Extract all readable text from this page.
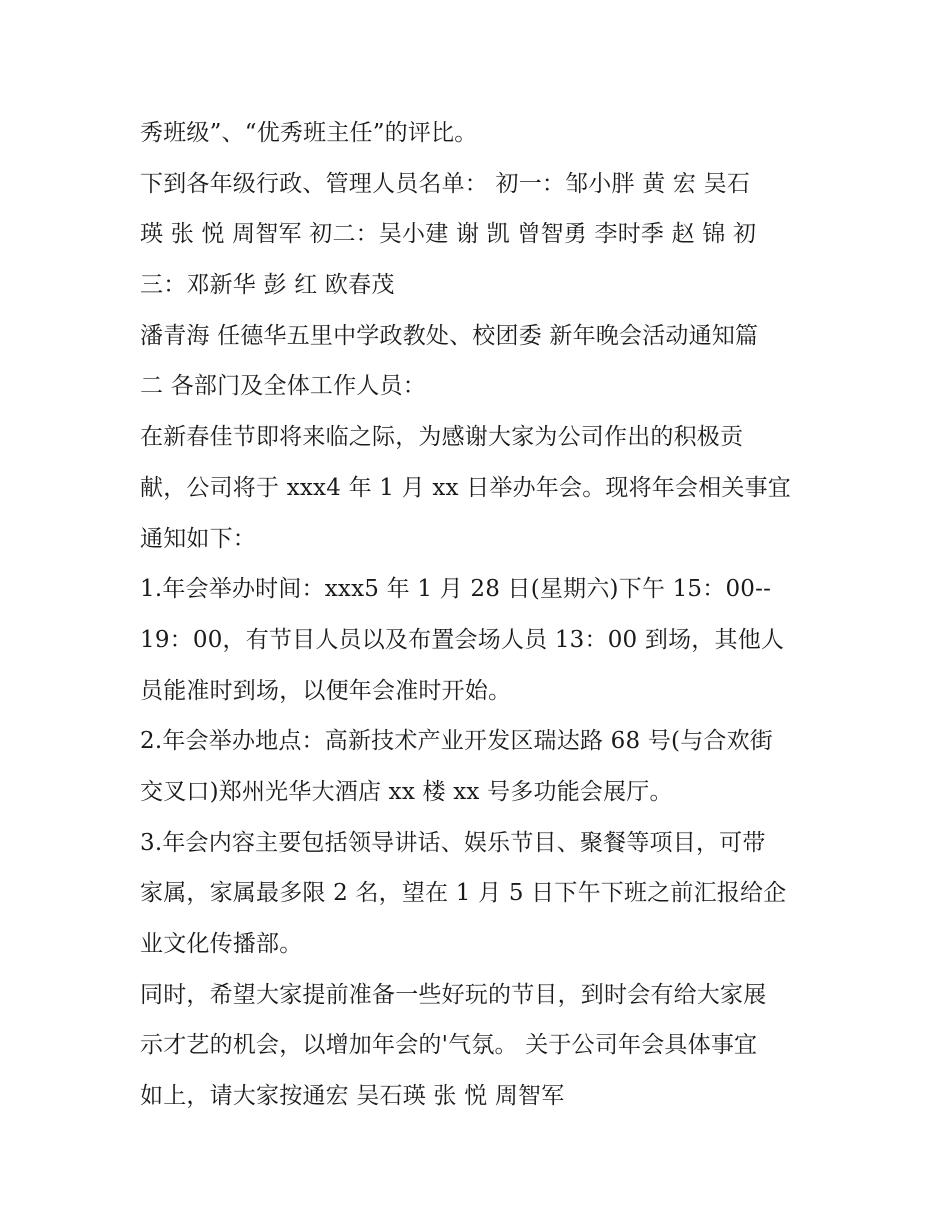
秀班级”、“优秀班主任”的评比。
下到各年级行政、管理人员名单： 初一：邹小胖 黄 宏 吴石
瑛 张 悦 周智军 初二：吴小建 谢 凯 曾智勇 李时季 赵 锦 初
三：邓新华 彭 红 欧春茂
潘青海 任德华五里中学政教处、校团委 新年晚会活动通知篇
二 各部门及全体工作人员：
在新春佳节即将来临之际，为感谢大家为公司作出的积极贡
献，公司将于 xxx4 年 1 月 xx 日举办年会。现将年会相关事宜
通知如下：
1.年会举办时间：xxx5 年 1 月 28 日(星期六)下午 15：00--
19：00，有节目人员以及布置会场人员 13：00 到场，其他人
员能准时到场，以便年会准时开始。
2.年会举办地点：高新技术产业开发区瑞达路 68 号(与合欢街
交叉口)郑州光华大酒店 xx 楼 xx 号多功能会展厅。
3.年会内容主要包括领导讲话、娱乐节目、聚餐等项目，可带
家属，家属最多限 2 名，望在 1 月 5 日下午下班之前汇报给企
业文化传播部。
同时，希望大家提前准备一些好玩的节目，到时会有给大家展
示才艺的机会，以增加年会的'气氛。 关于公司年会具体事宜
如上，请大家按通宏 吴石瑛 张 悦 周智军
